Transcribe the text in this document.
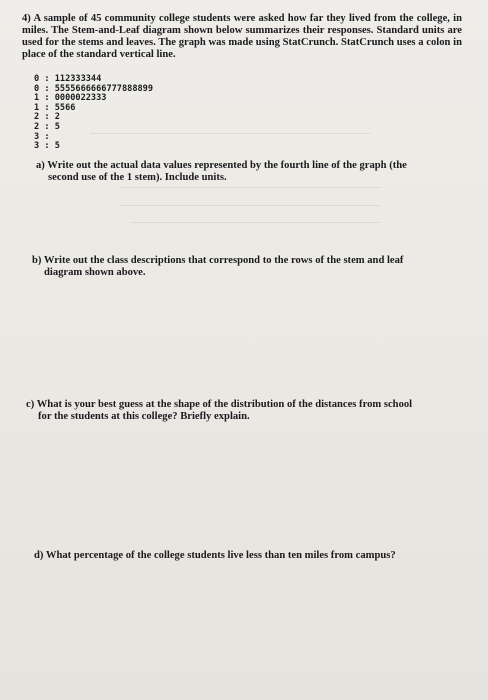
4) A sample of 45 community college students were asked how far they lived from the college, in miles. The Stem-and-Leaf diagram shown below summarizes their responses. Standard units are used for the stems and leaves. The graph was made using StatCrunch. StatCrunch uses a colon in place of the standard vertical line.
0 : 112333344
0 : 5555666666777888899
1 : 0000022333
1 : 5566
2 : 2
2 : 5
3 :
3 : 5
a) Write out the actual data values represented by the fourth line of the graph (the
second use of the 1 stem). Include units.
b) Write out the class descriptions that correspond to the rows of the stem and leaf
diagram shown above.
c) What is your best guess at the shape of the distribution of the distances from school
for the students at this college? Briefly explain.
d) What percentage of the college students live less than ten miles from campus?
